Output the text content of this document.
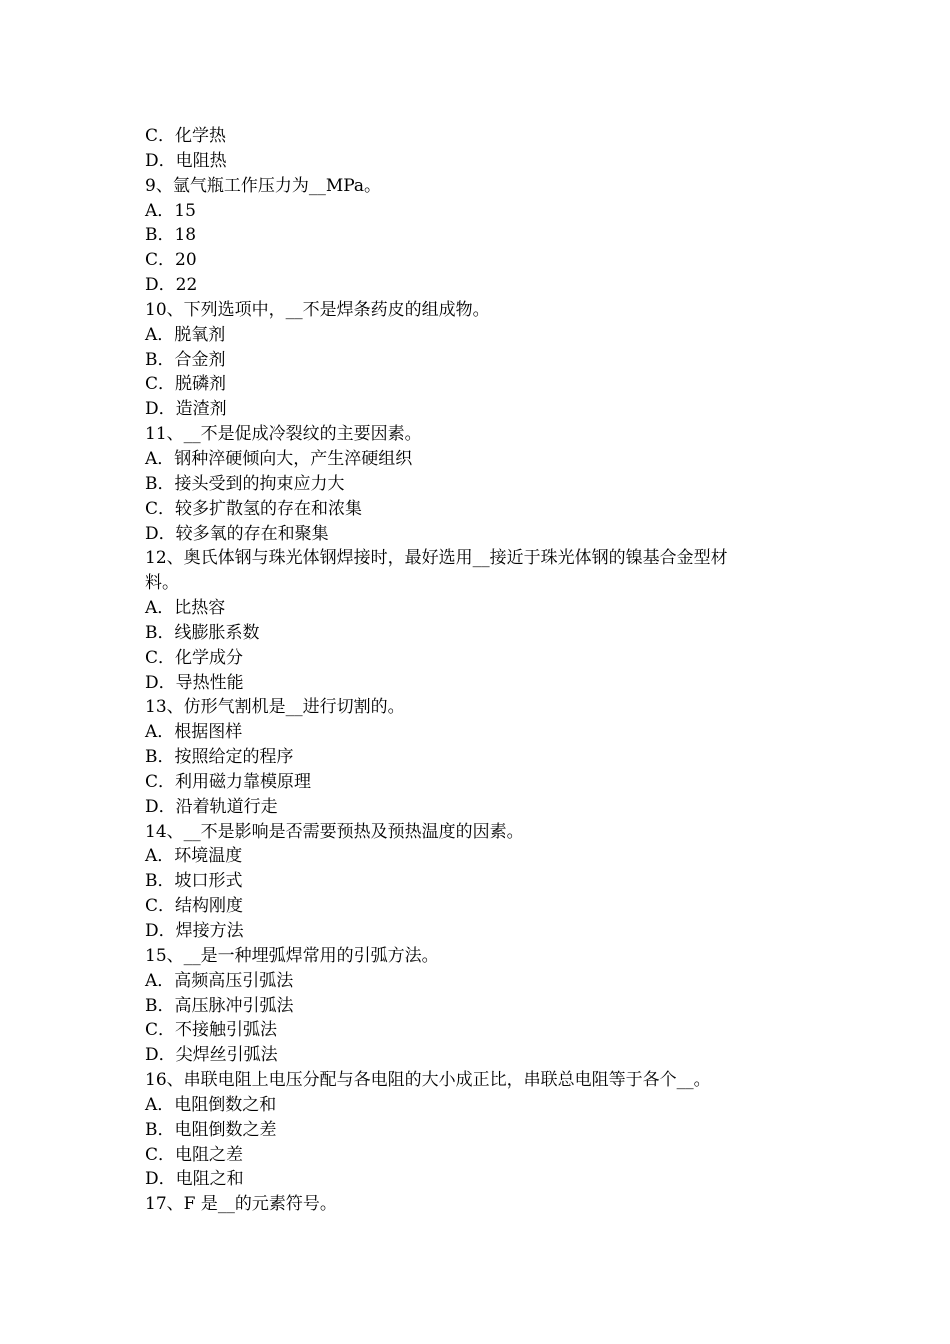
C．化学热

D．电阻热

9、氩气瓶工作压力为__MPa。

A．15

B．18

C．20

D．22

10、下列选项中，__不是焊条药皮的组成物。

A．脱氧剂

B．合金剂

C．脱磷剂

D．造渣剂

11、__不是促成冷裂纹的主要因素。

A．钢种淬硬倾向大，产生淬硬组织

B．接头受到的拘束应力大

C．较多扩散氢的存在和浓集

D．较多氧的存在和聚集

12、奥氏体钢与珠光体钢焊接时，最好选用__接近于珠光体钢的镍基合金型材

料。

A．比热容

B．线膨胀系数

C．化学成分

D．导热性能

13、仿形气割机是__进行切割的。

A．根据图样

B．按照给定的程序

C．利用磁力靠模原理

D．沿着轨道行走

14、__不是影响是否需要预热及预热温度的因素。

A．环境温度

B．坡口形式

C．结构刚度

D．焊接方法

15、__是一种埋弧焊常用的引弧方法。

A．高频高压引弧法

B．高压脉冲引弧法

C．不接触引弧法

D．尖焊丝引弧法

16、串联电阻上电压分配与各电阻的大小成正比，串联总电阻等于各个__。

A．电阻倒数之和

B．电阻倒数之差

C．电阻之差

D．电阻之和

17、F 是__的元素符号。
